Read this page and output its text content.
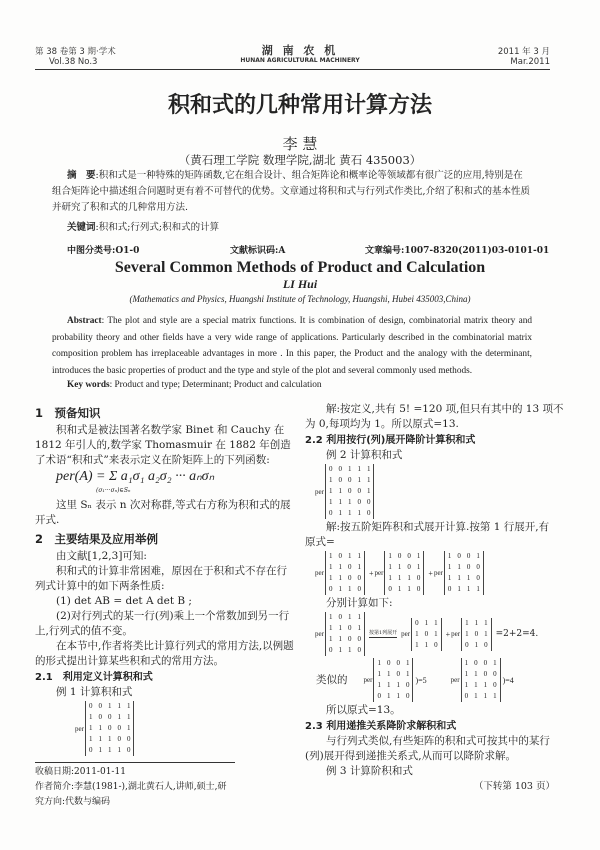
第 38 卷第 3 期·学术
Vol.38 No.3
湖 南 农 机
HUNAN AGRICULTURAL MACHINERY
2011 年 3 月
Mar.2011
积和式的几种常用计算方法
李 慧
（黄石理工学院 数理学院,湖北 黄石 435003）
摘　要:积和式是一种特殊的矩阵函数,它在组合设计、组合矩阵论和概率论等领域都有很广泛的应用,特别是在组合矩阵论中描述组合问题时更有着不可替代的优势。文章通过将积和式与行列式作类比,介绍了积和式的基本性质并研究了积和式的几种常用方法.
关键词:积和式;行列式;积和式的计算
中图分类号:O1-0	文献标识码:A	文章编号:1007-8320(2011)03-0101-01
Several Common Methods of Product and Calculation
LI Hui
(Mathematics and Physics, Huangshi Institute of Technology, Huangshi, Hubei 435003,China)
Abstract: The plot and style are a special matrix functions. It is combination of design, combinatorial matrix theory and probability theory and other fields have a very wide range of applications. Particularly described in the combinatorial matrix composition problem has irreplaceable advantages in more . In this paper, the Product and the analogy with the determinant, introduces the basic properties of product and the type and style of the plot and several commonly used methods.
Key words: Product and type; Determinant; Product and calculation
1　预备知识
积和式是被法国著名数学家 Binet 和 Cauchy 在 1812 年引人的,数学家 Thomasmuir 在 1882 年创造了术语“积和式”来表示定义在阶矩阵上的下列函数:
per(A) = Σ a₁σ₁ a₂σ₂ ··· aₙσₙ
(σ₁···σₙ)∈Sₙ
这里 Sₙ 表示 n 次对称群,等式右方称为积和式的展开式.
2　主要结果及应用举例
由文献[1,2,3]可知:
积和式的计算非常困难，原因在于积和式不存在行列式计算中的如下两条性质:
(1) det AB = det A det B ;
(2)对行列式的某一行(列)乘上一个常数加到另一行上,行列式的值不变。
在本节中,作者将类比计算行列式的常用方法,以例题的形式提出计算某些积和式的常用方法。
2.1　利用定义计算积和式
例 1 计算积和式
per
0	0	1	1	1
1	0	0	1	1
1	1	0	0	1
1	1	1	0	0
0	1	1	1	0
收稿日期:2011-01-11
作者简介:李慧(1981-),湖北黄石人,讲师,硕士,研究方向:代数与编码
解:按定义,共有 5! =120 项,但只有其中的 13 项不为 0,每项均为 1。所以原式=13.
2.2 利用按行(列)展开降阶计算积和式
例 2 计算积和式
per
0	0	1	1	1
1	0	0	1	1
1	1	0	0	1
1	1	1	0	0
0	1	1	1	0
解:按五阶矩阵积和式展开计算.按第 1 行展开,有
原式=
per
1	0	1	1
1	1	0	1
1	1	0	0
0	1	1	0
+ per
1	0	0	1
1	1	0	1
1	1	1	0
0	1	1	0
+ per
1	0	0	1
1	1	0	0
1	1	1	0
0	1	1	1
分别计算如下:
per
1	0	1	1
1	1	0	1
1	1	0	0
0	1	1	0
按第1列展开 per
0	1	1
1	0	1
1	1	0
+ per
1	1	1
1	0	1
0	1	0
=2+2=4.
类似的 per
1	0	0	1
1	1	0	1
1	1	1	0
0	1	1	0
)=5	per
1	0	0	1
1	1	0	0
1	1	1	0
0	1	1	1
)=4
所以原式=13。
2.3 利用递推关系降阶求解积和式
与行列式类似,有些矩阵的积和式可按其中的某行(列)展开得到递推关系式,从而可以降阶求解。
例 3 计算阶积和式
（下转第 103 页）
